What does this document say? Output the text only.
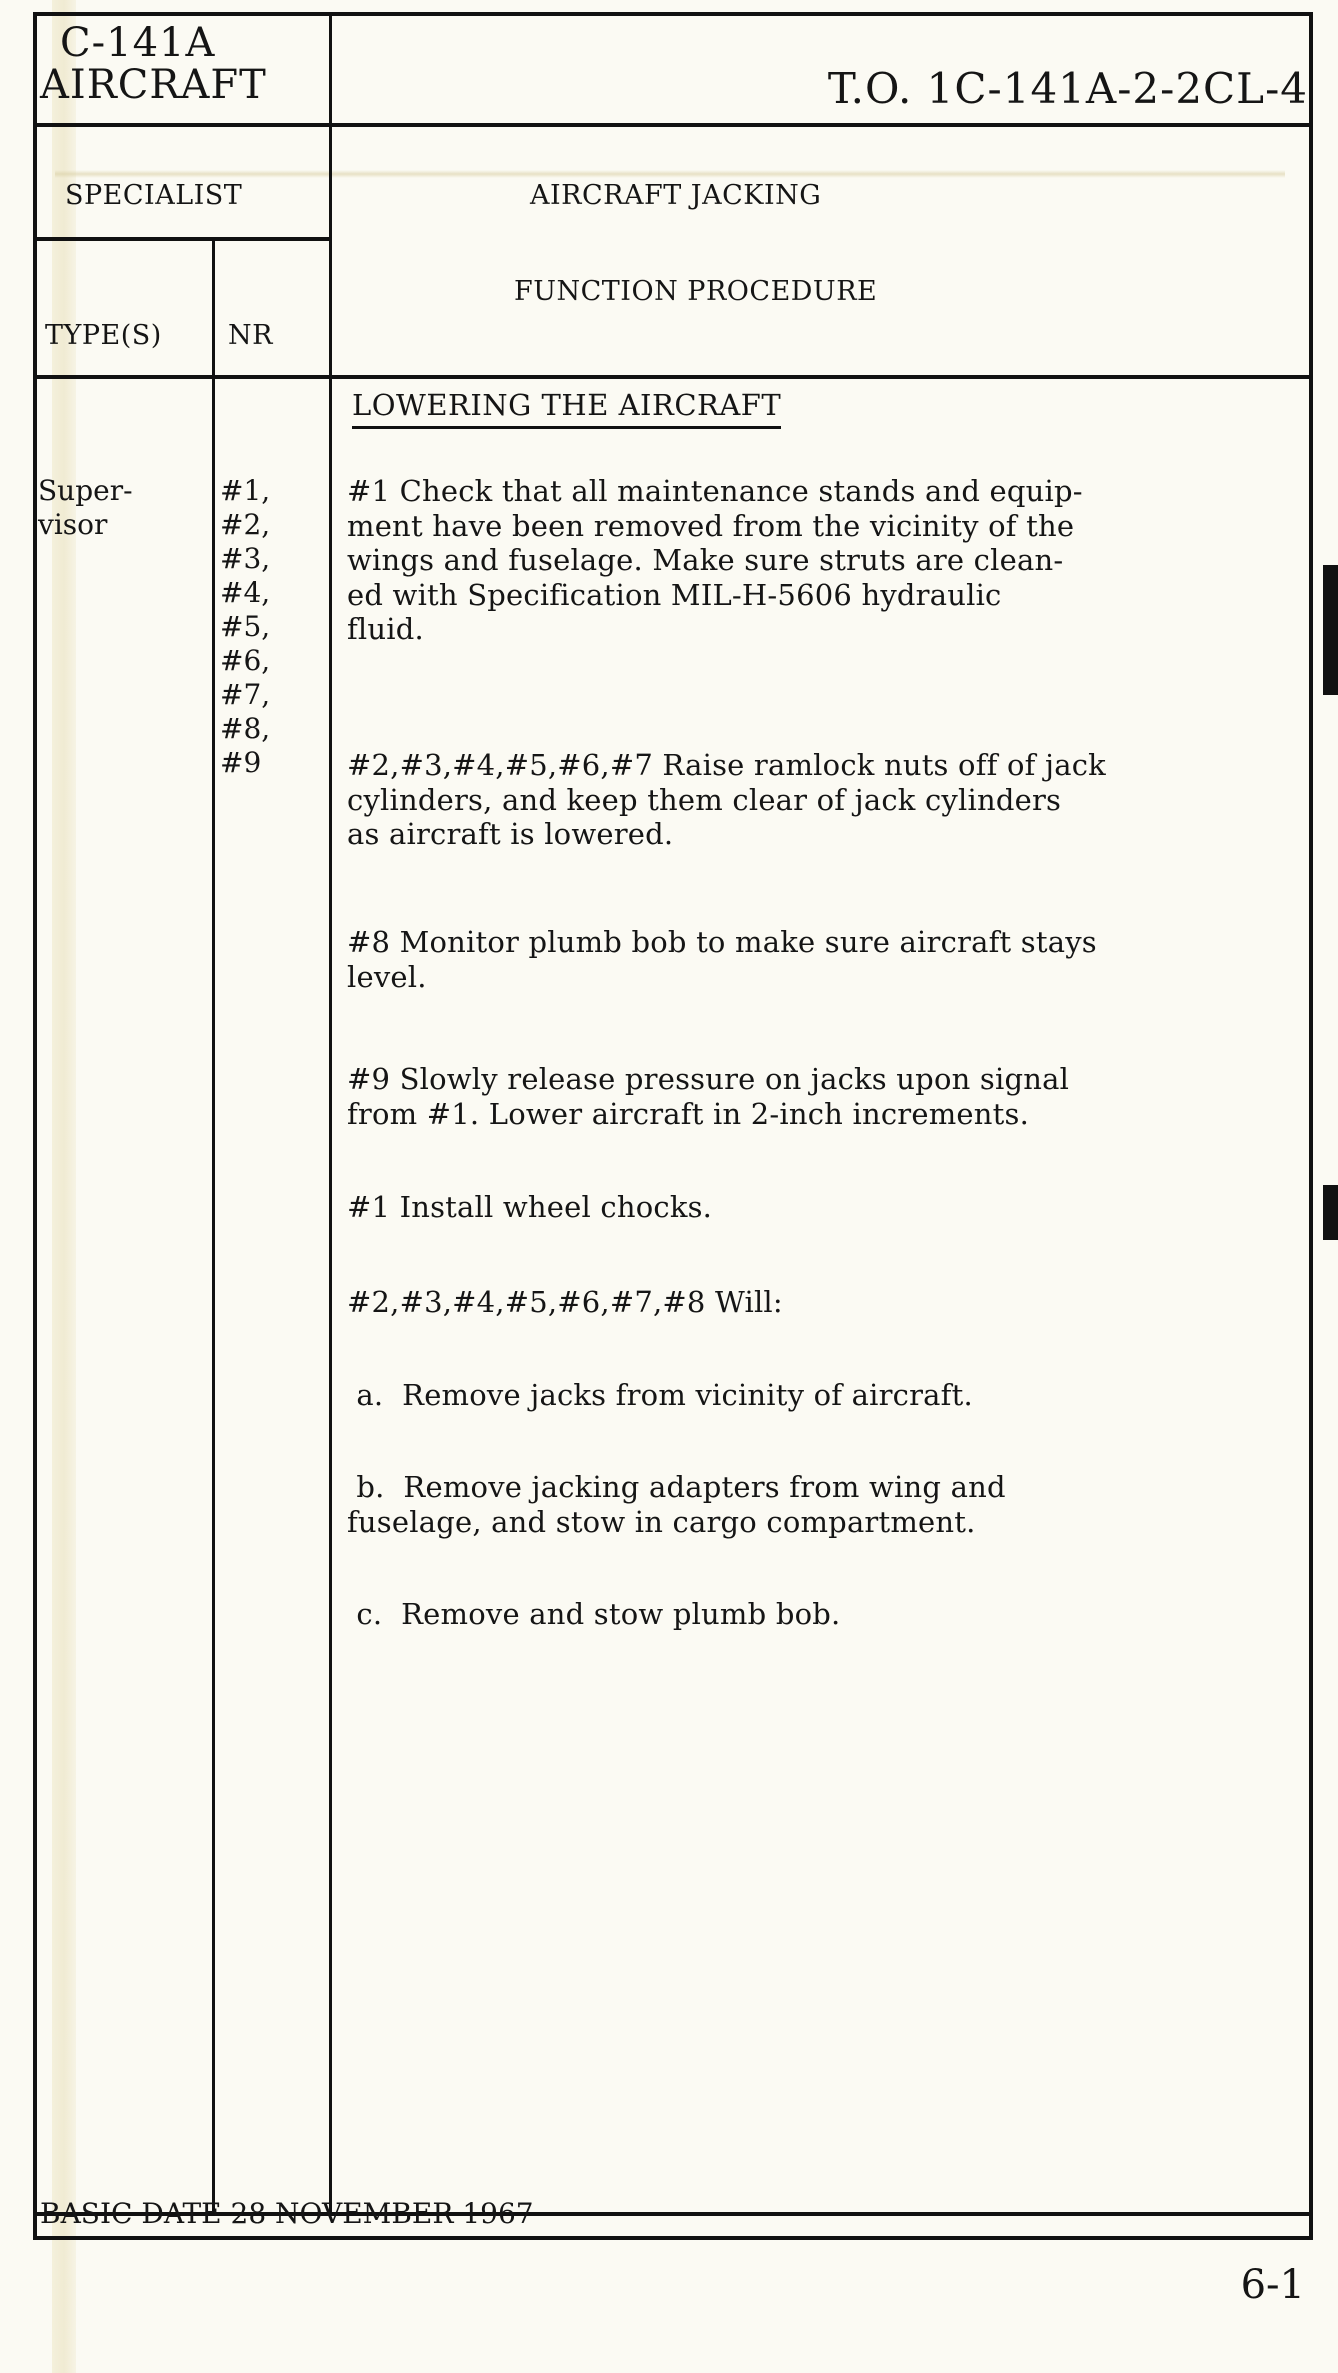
C-141A
AIRCRAFT	T.O. 1C-141A-2-2CL-4
SPECIALIST	AIRCRAFT JACKING
FUNCTION PROCEDURE
TYPE(S) NR
LOWERING THE AIRCRAFT
Super-
visor
#1,
#2,
#3,
#4,
#5,
#6,
#7,
#8,
#9
#1 Check that all maintenance stands and equip-
ment have been removed from the vicinity of the
wings and fuselage. Make sure struts are clean-
ed with Specification MIL-H-5606 hydraulic
fluid.
#2,#3,#4,#5,#6,#7 Raise ramlock nuts off of jack
cylinders, and keep them clear of jack cylinders
as aircraft is lowered.
#8 Monitor plumb bob to make sure aircraft stays
level.
#9 Slowly release pressure on jacks upon signal
from #1. Lower aircraft in 2-inch increments.
#1 Install wheel chocks.
#2,#3,#4,#5,#6,#7,#8 Will:
a.  Remove jacks from vicinity of aircraft.
b.  Remove jacking adapters from wing and
fuselage, and stow in cargo compartment.
c.  Remove and stow plumb bob.
BASIC DATE 28 NOVEMBER 1967
6-1
